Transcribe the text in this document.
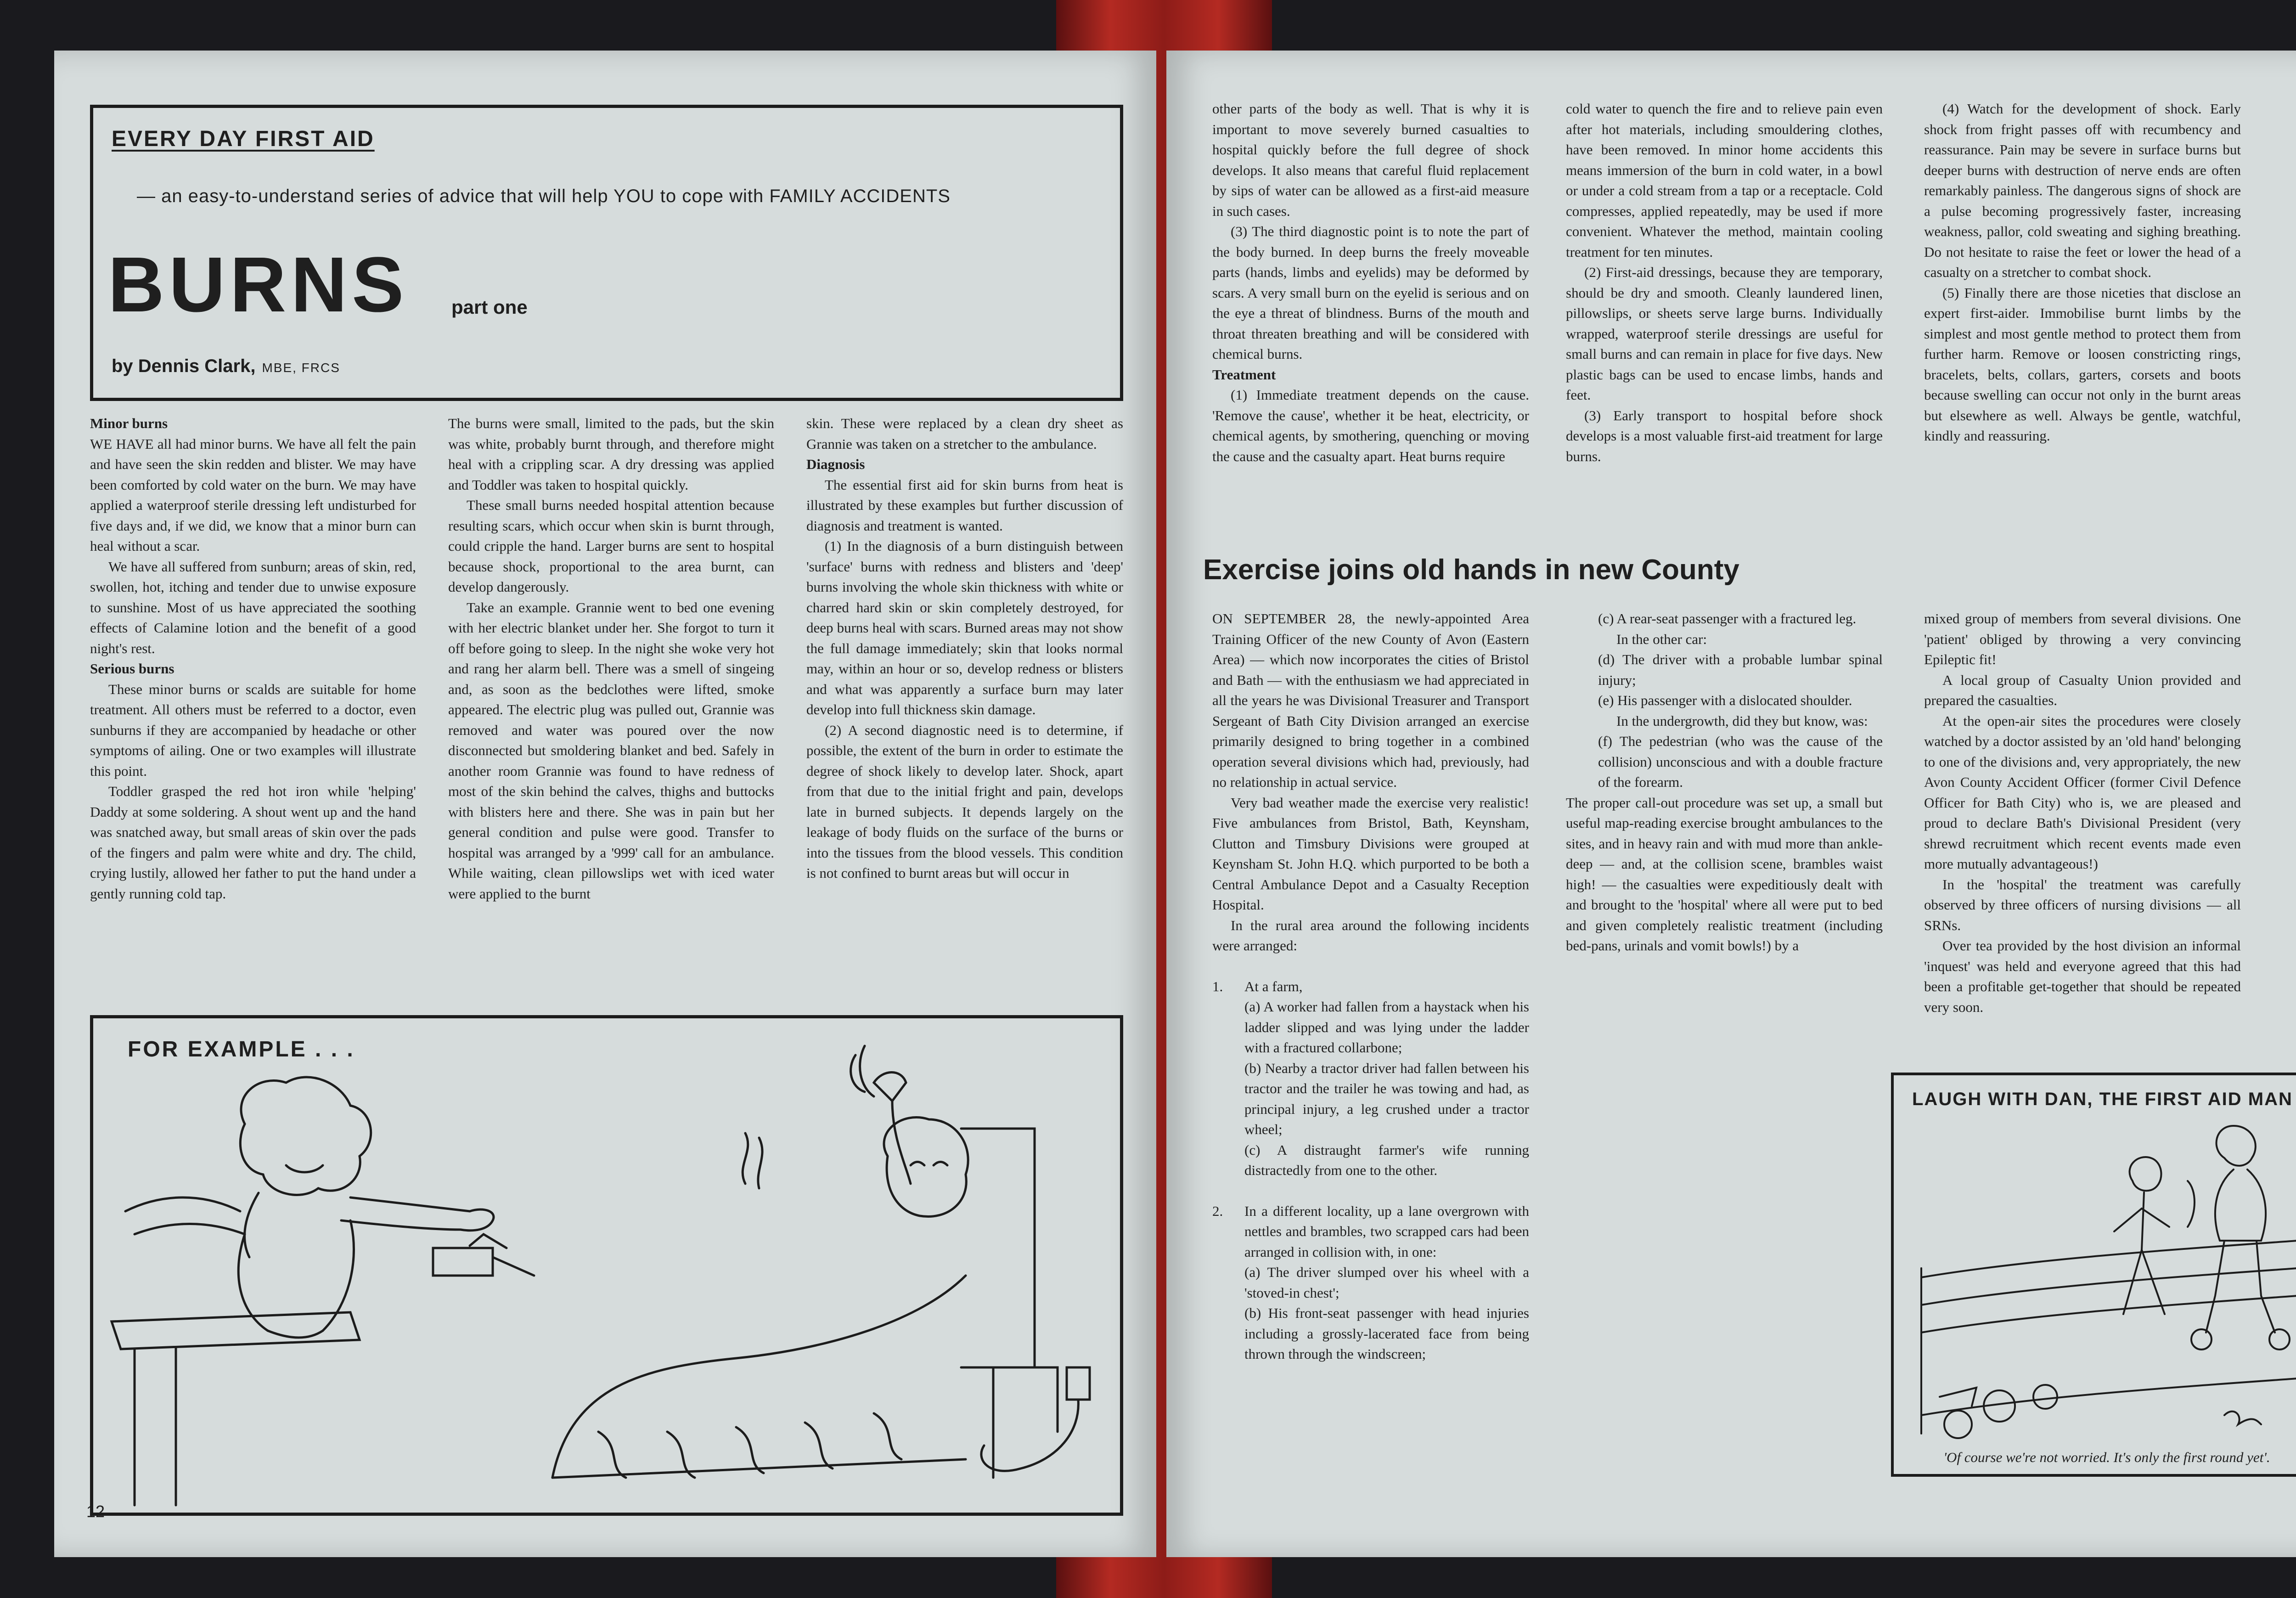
EVERY DAY FIRST AID
— an easy-to-understand series of advice that will help YOU to cope with FAMILY ACCIDENTS
BURNS part one
by Dennis Clark, MBE, FRCS

Minor burns

WE HAVE all had minor burns. We have all felt the pain and have seen the skin redden and blister. We may have been comforted by cold water on the burn. We may have applied a waterproof sterile dressing left undisturbed for five days and, if we did, we know that a minor burn can heal without a scar.

We have all suffered from sunburn; areas of skin, red, swollen, hot, itching and tender due to unwise exposure to sunshine. Most of us have appreciated the soothing effects of Calamine lotion and the benefit of a good night's rest.

Serious burns

These minor burns or scalds are suitable for home treatment. All others must be referred to a doctor, even sunburns if they are accompanied by headache or other symptoms of ailing. One or two examples will illustrate this point.

Toddler grasped the red hot iron while 'helping' Daddy at some soldering. A shout went up and the hand was snatched away, but small areas of skin over the pads of the fingers and palm were white and dry. The child, crying lustily, allowed her father to put the hand under a gently running cold tap.

The burns were small, limited to the pads, but the skin was white, probably burnt through, and therefore might heal with a crippling scar. A dry dressing was applied and Toddler was taken to hospital quickly.

These small burns needed hospital attention because resulting scars, which occur when skin is burnt through, could cripple the hand. Larger burns are sent to hospital because shock, proportional to the area burnt, can develop dangerously.

Take an example. Grannie went to bed one evening with her electric blanket under her. She forgot to turn it off before going to sleep. In the night she woke very hot and rang her alarm bell. There was a smell of singeing and, as soon as the bedclothes were lifted, smoke appeared. The electric plug was pulled out, Grannie was removed and water was poured over the now disconnected but smoldering blanket and bed. Safely in another room Grannie was found to have redness of most of the skin behind the calves, thighs and buttocks with blisters here and there. She was in pain but her general condition and pulse were good. Transfer to hospital was arranged by a '999' call for an ambulance. While waiting, clean pillowslips wet with iced water were applied to the burnt

skin. These were replaced by a clean dry sheet as Grannie was taken on a stretcher to the ambulance.

Diagnosis

The essential first aid for skin burns from heat is illustrated by these examples but further discussion of diagnosis and treatment is wanted.

(1) In the diagnosis of a burn distinguish between 'surface' burns with redness and blisters and 'deep' burns involving the whole skin thickness with white or charred hard skin or skin completely destroyed, for deep burns heal with scars. Burned areas may not show the full damage immediately; skin that looks normal may, within an hour or so, develop redness or blisters and what was apparently a surface burn may later develop into full thickness skin damage.

(2) A second diagnostic need is to determine, if possible, the extent of the burn in order to estimate the degree of shock likely to develop later. Shock, apart from that due to the initial fright and pain, develops late in burned subjects. It depends largely on the leakage of body fluids on the surface of the burns or into the tissues from the blood vessels. This condition is not confined to burnt areas but will occur in

FOR EXAMPLE . . .
12

other parts of the body as well. That is why it is important to move severely burned casualties to hospital quickly before the full degree of shock develops. It also means that careful fluid replacement by sips of water can be allowed as a first-aid measure in such cases.

(3) The third diagnostic point is to note the part of the body burned. In deep burns the freely moveable parts (hands, limbs and eyelids) may be deformed by scars. A very small burn on the eyelid is serious and on the eye a threat of blindness. Burns of the mouth and throat threaten breathing and will be considered with chemical burns.

Treatment

(1) Immediate treatment depends on the cause. 'Remove the cause', whether it be heat, electricity, or chemical agents, by smothering, quenching or moving the cause and the casualty apart. Heat burns require

cold water to quench the fire and to relieve pain even after hot materials, including smouldering clothes, have been removed. In minor home accidents this means immersion of the burn in cold water, in a bowl or under a cold stream from a tap or a receptacle. Cold compresses, applied repeatedly, may be used if more convenient. Whatever the method, maintain cooling treatment for ten minutes.

(2) First-aid dressings, because they are temporary, should be dry and smooth. Cleanly laundered linen, pillowslips, or sheets serve large burns. Individually wrapped, waterproof sterile dressings are useful for small burns and can remain in place for five days. New plastic bags can be used to encase limbs, hands and feet.

(3) Early transport to hospital before shock develops is a most valuable first-aid treatment for large burns.

(4) Watch for the development of shock. Early shock from fright passes off with recumbency and reassurance. Pain may be severe in surface burns but deeper burns with destruction of nerve ends are often remarkably painless. The dangerous signs of shock are a pulse becoming progressively faster, increasing weakness, pallor, cold sweating and sighing breathing. Do not hesitate to raise the feet or lower the head of a casualty on a stretcher to combat shock.

(5) Finally there are those niceties that disclose an expert first-aider. Immobilise burnt limbs by the simplest and most gentle method to protect them from further harm. Remove or loosen constricting rings, bracelets, belts, collars, garters, corsets and boots because swelling can occur not only in the burnt areas but elsewhere as well. Always be gentle, watchful, kindly and reassuring.

Exercise joins old hands in new County

ON SEPTEMBER 28, the newly-appointed Area Training Officer of the new County of Avon (Eastern Area) — which now incorporates the cities of Bristol and Bath — with the enthusiasm we had appreciated in all the years he was Divisional Treasurer and Transport Sergeant of Bath City Division arranged an exercise primarily designed to bring together in a combined operation several divisions which had, previously, had no relationship in actual service.

Very bad weather made the exercise very realistic! Five ambulances from Bristol, Bath, Keynsham, Clutton and Timsbury Divisions were grouped at Keynsham St. John H.Q. which purported to be both a Central Ambulance Depot and a Casualty Reception Hospital.

In the rural area around the following incidents were arranged:

1. At a farm,

(a) A worker had fallen from a haystack when his ladder slipped and was lying under the ladder with a fractured collarbone;

(b) Nearby a tractor driver had fallen between his tractor and the trailer he was towing and had, as principal injury, a leg crushed under a tractor wheel;

(c) A distraught farmer's wife running distractedly from one to the other.

2. In a different locality, up a lane overgrown with nettles and brambles, two scrapped cars had been arranged in collision with, in one:

(a) The driver slumped over his wheel with a 'stoved-in chest';

(b) His front-seat passenger with head injuries including a grossly-lacerated face from being thrown through the windscreen;

(c) A rear-seat passenger with a fractured leg.

In the other car:

(d) The driver with a probable lumbar spinal injury;

(e) His passenger with a dislocated shoulder.

In the undergrowth, did they but know, was:

(f) The pedestrian (who was the cause of the collision) unconscious and with a double fracture of the forearm.

The proper call-out procedure was set up, a small but useful map-reading exercise brought ambulances to the sites, and in heavy rain and with mud more than ankle-deep — and, at the collision scene, brambles waist high! — the casualties were expeditiously dealt with and brought to the 'hospital' where all were put to bed and given completely realistic treatment (including bed-pans, urinals and vomit bowls!) by a

mixed group of members from several divisions. One 'patient' obliged by throwing a very convincing Epileptic fit!

A local group of Casualty Union provided and prepared the casualties.

At the open-air sites the procedures were closely watched by a doctor assisted by an 'old hand' belonging to one of the divisions and, very appropriately, the new Avon County Accident Officer (former Civil Defence Officer for Bath City) who is, we are pleased and proud to declare Bath's Divisional President (very shrewd recruitment which recent events made even more mutually advantageous!)

In the 'hospital' the treatment was carefully observed by three officers of nursing divisions — all SRNs.

Over tea provided by the host division an informal 'inquest' was held and everyone agreed that this had been a profitable get-together that should be repeated very soon.

LAUGH WITH DAN, THE FIRST AID MAN
'Of course we're not worried. It's only the first round yet'.
